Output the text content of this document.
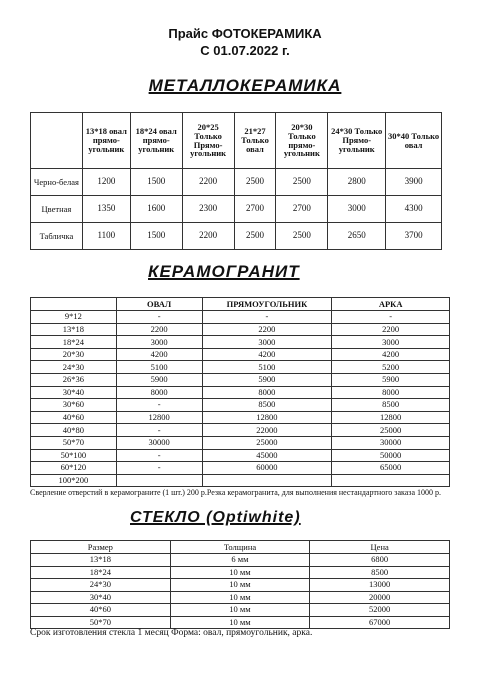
Прайс ФОТОКЕРАМИКА
С 01.07.2022 г.
МЕТАЛЛОКЕРАМИКА
	13*18 овал прямо-угольник	18*24 овал прямо-угольник	20*25 Только Прямо-угольник	21*27 Только овал	20*30 Только прямо-угольник	24*30 Только Прямо-угольник	30*40 Только овал
Черно-белая	1200	1500	2200	2500	2500	2800	3900
Цветная	1350	1600	2300	2700	2700	3000	4300
Табличка	1100	1500	2200	2500	2500	2650	3700
КЕРАМОГРАНИТ
	ОВАЛ	ПРЯМОУГОЛЬНИК	АРКА
9*12	-	-	-
13*18	2200	2200	2200
18*24	3000	3000	3000
20*30	4200	4200	4200
24*30	5100	5100	5200
26*36	5900	5900	5900
30*40	8000	8000	8000
30*60	-	8500	8500
40*60	12800	12800	12800
40*80	-	22000	25000
50*70	30000	25000	30000
50*100	-	45000	50000
60*120	-	60000	65000
100*200			
Сверление отверстий в керамограните (1 шт.) 200 р.Резка керамогранита, для выполнения нестандартного заказа 1000 р.
СТЕКЛО (Optiwhite)
Размер	Толщина	Цена
13*18	6 мм	6800
18*24	10 мм	8500
24*30	10 мм	13000
30*40	10 мм	20000
40*60	10 мм	52000
50*70	10 мм	67000
Срок изготовления стекла 1 месяц Форма: овал, прямоугольник, арка.
